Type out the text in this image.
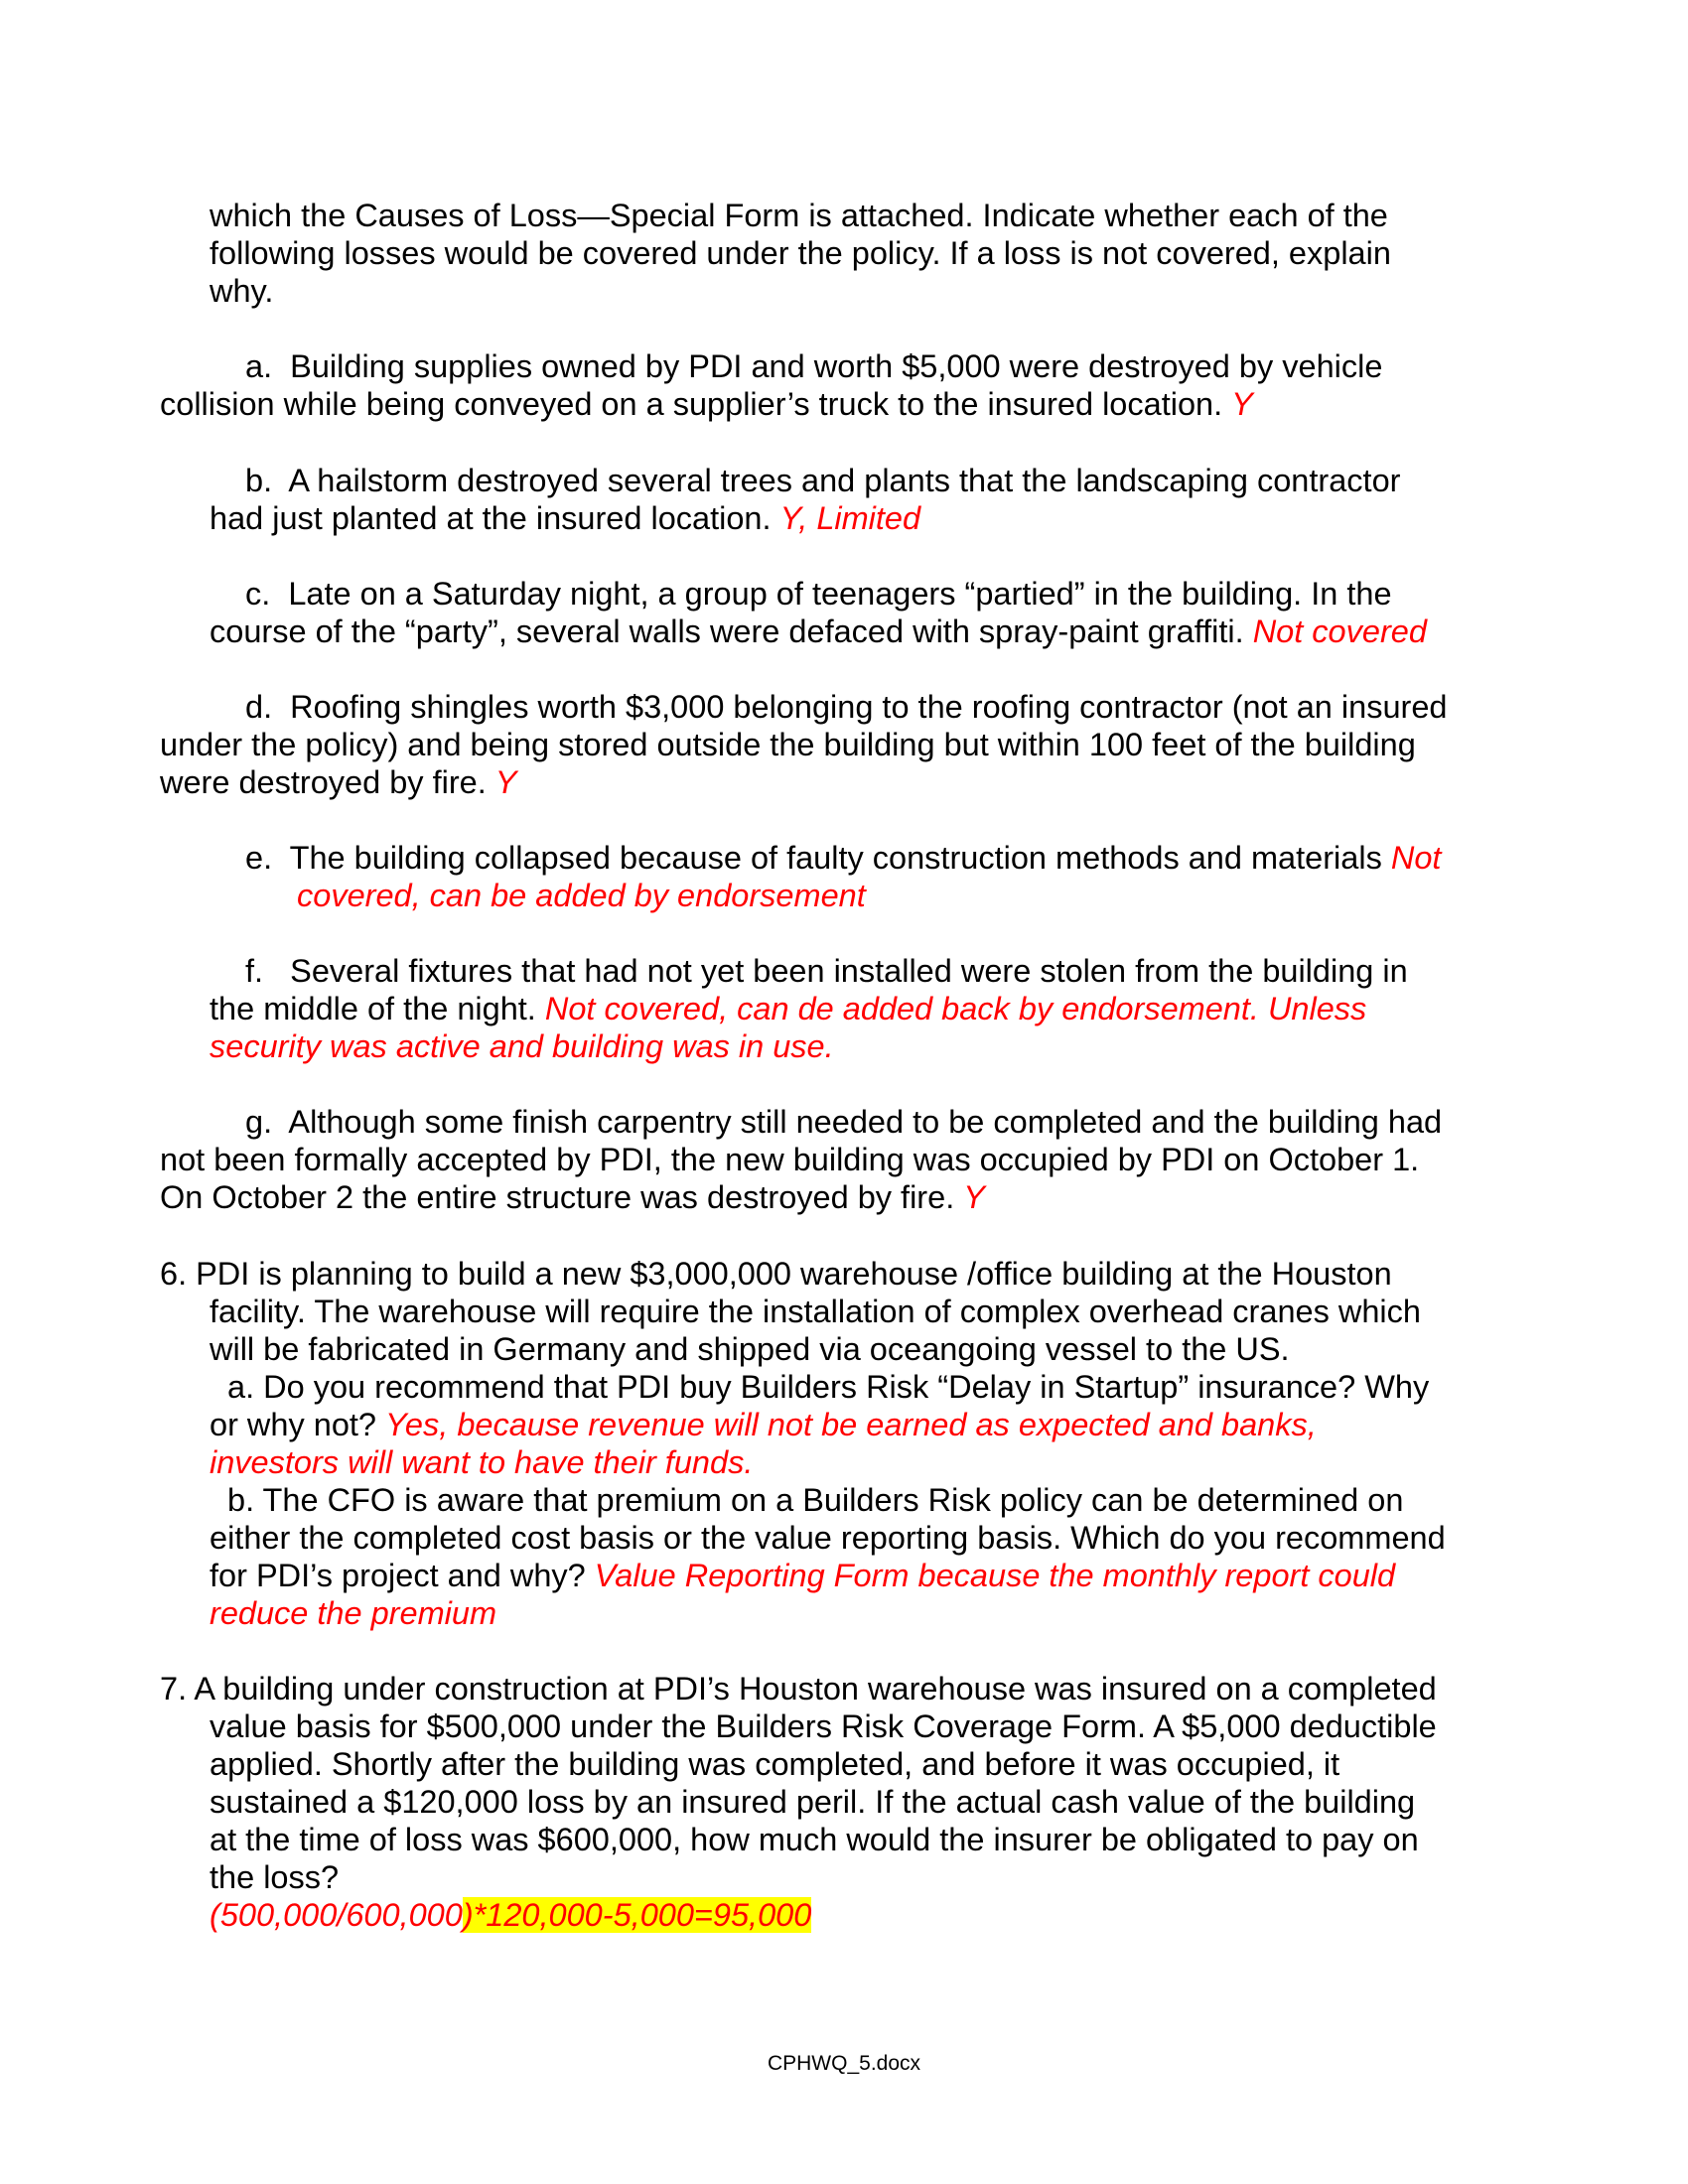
which the Causes of Loss—Special Form is attached. Indicate whether each of the
following losses would be covered under the policy. If a loss is not covered, explain
why.
a. Building supplies owned by PDI and worth $5,000 were destroyed by vehicle
collision while being conveyed on a supplier’s truck to the insured location. Y
b. A hailstorm destroyed several trees and plants that the landscaping contractor
had just planted at the insured location. Y, Limited
c. Late on a Saturday night, a group of teenagers “partied” in the building. In the
course of the “party”, several walls were defaced with spray-paint graffiti. Not covered
d. Roofing shingles worth $3,000 belonging to the roofing contractor (not an insured
under the policy) and being stored outside the building but within 100 feet of the building
were destroyed by fire. Y
e. The building collapsed because of faulty construction methods and materials Not
covered, can be added by endorsement
f. Several fixtures that had not yet been installed were stolen from the building in
the middle of the night. Not covered, can de added back by endorsement. Unless
security was active and building was in use.
g. Although some finish carpentry still needed to be completed and the building had
not been formally accepted by PDI, the new building was occupied by PDI on October 1.
On October 2 the entire structure was destroyed by fire. Y
6. PDI is planning to build a new $3,000,000 warehouse /office building at the Houston
facility. The warehouse will require the installation of complex overhead cranes which
will be fabricated in Germany and shipped via oceangoing vessel to the US.
a. Do you recommend that PDI buy Builders Risk “Delay in Startup” insurance? Why
or why not? Yes, because revenue will not be earned as expected and banks,
investors will want to have their funds.
b. The CFO is aware that premium on a Builders Risk policy can be determined on
either the completed cost basis or the value reporting basis. Which do you recommend
for PDI’s project and why? Value Reporting Form because the monthly report could
reduce the premium
7. A building under construction at PDI’s Houston warehouse was insured on a completed
value basis for $500,000 under the Builders Risk Coverage Form. A $5,000 deductible
applied. Shortly after the building was completed, and before it was occupied, it
sustained a $120,000 loss by an insured peril. If the actual cash value of the building
at the time of loss was $600,000, how much would the insurer be obligated to pay on
the loss?
(500,000/600,000)*120,000-5,000=95,000
CPHWQ_5.docx
